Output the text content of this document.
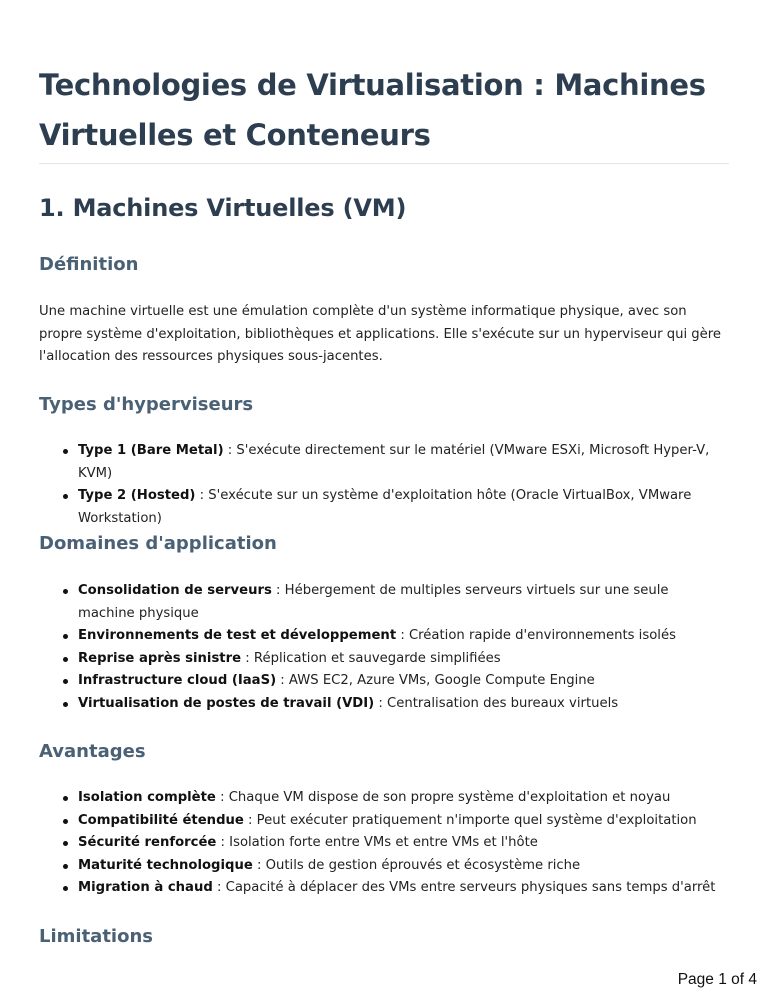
Technologies de Virtualisation : Machines Virtuelles et Conteneurs
1. Machines Virtuelles (VM)
Définition

Une machine virtuelle est une émulation complète d'un système informatique physique, avec son propre système d'exploitation, bibliothèques et applications. Elle s'exécute sur un hyperviseur qui gère l'allocation des ressources physiques sous-jacentes.

Types d'hyperviseurs
Type 1 (Bare Metal) : S'exécute directement sur le matériel (VMware ESXi, Microsoft Hyper-V, KVM)
Type 2 (Hosted) : S'exécute sur un système d'exploitation hôte (Oracle VirtualBox, VMware Workstation)
Domaines d'application
Consolidation de serveurs : Hébergement de multiples serveurs virtuels sur une seule machine physique
Environnements de test et développement : Création rapide d'environnements isolés
Reprise après sinistre : Réplication et sauvegarde simplifiées
Infrastructure cloud (IaaS) : AWS EC2, Azure VMs, Google Compute Engine
Virtualisation de postes de travail (VDI) : Centralisation des bureaux virtuels
Avantages
Isolation complète : Chaque VM dispose de son propre système d'exploitation et noyau
Compatibilité étendue : Peut exécuter pratiquement n'importe quel système d'exploitation
Sécurité renforcée : Isolation forte entre VMs et entre VMs et l'hôte
Maturité technologique : Outils de gestion éprouvés et écosystème riche
Migration à chaud : Capacité à déplacer des VMs entre serveurs physiques sans temps d'arrêt
Limitations
Page 1 of 4
